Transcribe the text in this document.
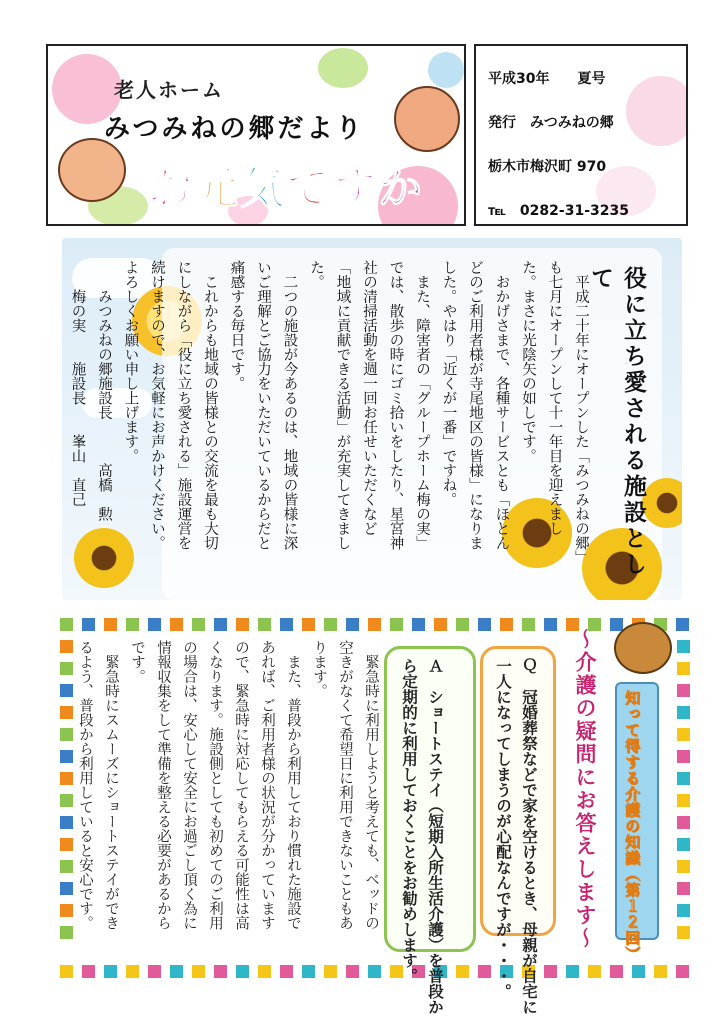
老人ホーム
みつみねの郷だより
お元気ですか
平成30年　　夏号
発行　みつみねの郷
栃木市梅沢町 970
℡　0282-31-3235
役に立ち愛される施設として

　平成二十年にオープンした「みつみねの郷」も七月にオープンして十一年目を迎えました。まさに光陰矢の如しです。

　おかげさまで、各種サービスとも「ほとんどのご利用者様が寺尾地区の皆様」になりました。やはり「近くが一番」ですね。

　また、障害者の「グループホーム梅の実」では、散歩の時にゴミ拾いをしたり、星宮神社の清掃活動を週一回お任せいただくなど「地域に貢献できる活動」が充実してきました。

　二つの施設が今あるのは、地域の皆様に深いご理解とご協力をいただいているからだと痛感する毎日です。

　これからも地域の皆様との交流を最も大切にしながら「役に立ち愛される」施設運営を続けますので、お気軽にお声かけください。よろしくお願い申し上げます。

　　みつみねの郷施設長　　　高橋　勲

　　梅の実　　施設長　　峯山　直己

知って得する介護の知識（第１２回）
～介護の疑問にお答えします～
Ｑ　冠婚葬祭などで家を空けるとき、母親が自宅に一人になってしまうのが心配なんですが・・・。
Ａ　ショートステイ（短期入所生活介護）を普段から定期的に利用しておくことをお勧めします。

　緊急時に利用しようと考えても、ベッドの空きがなくて希望日に利用できないこともあります。

　また、普段から利用しており慣れた施設であれば、ご利用者様の状況が分かっていますので、緊急時に対応してもらえる可能性は高くなります。施設側としても初めてのご利用の場合は、安心して安全にお過ごし頂く為に情報収集をして準備を整える必要があるからです。

　緊急時にスムーズにショートステイができるよう、普段から利用していると安心です。
